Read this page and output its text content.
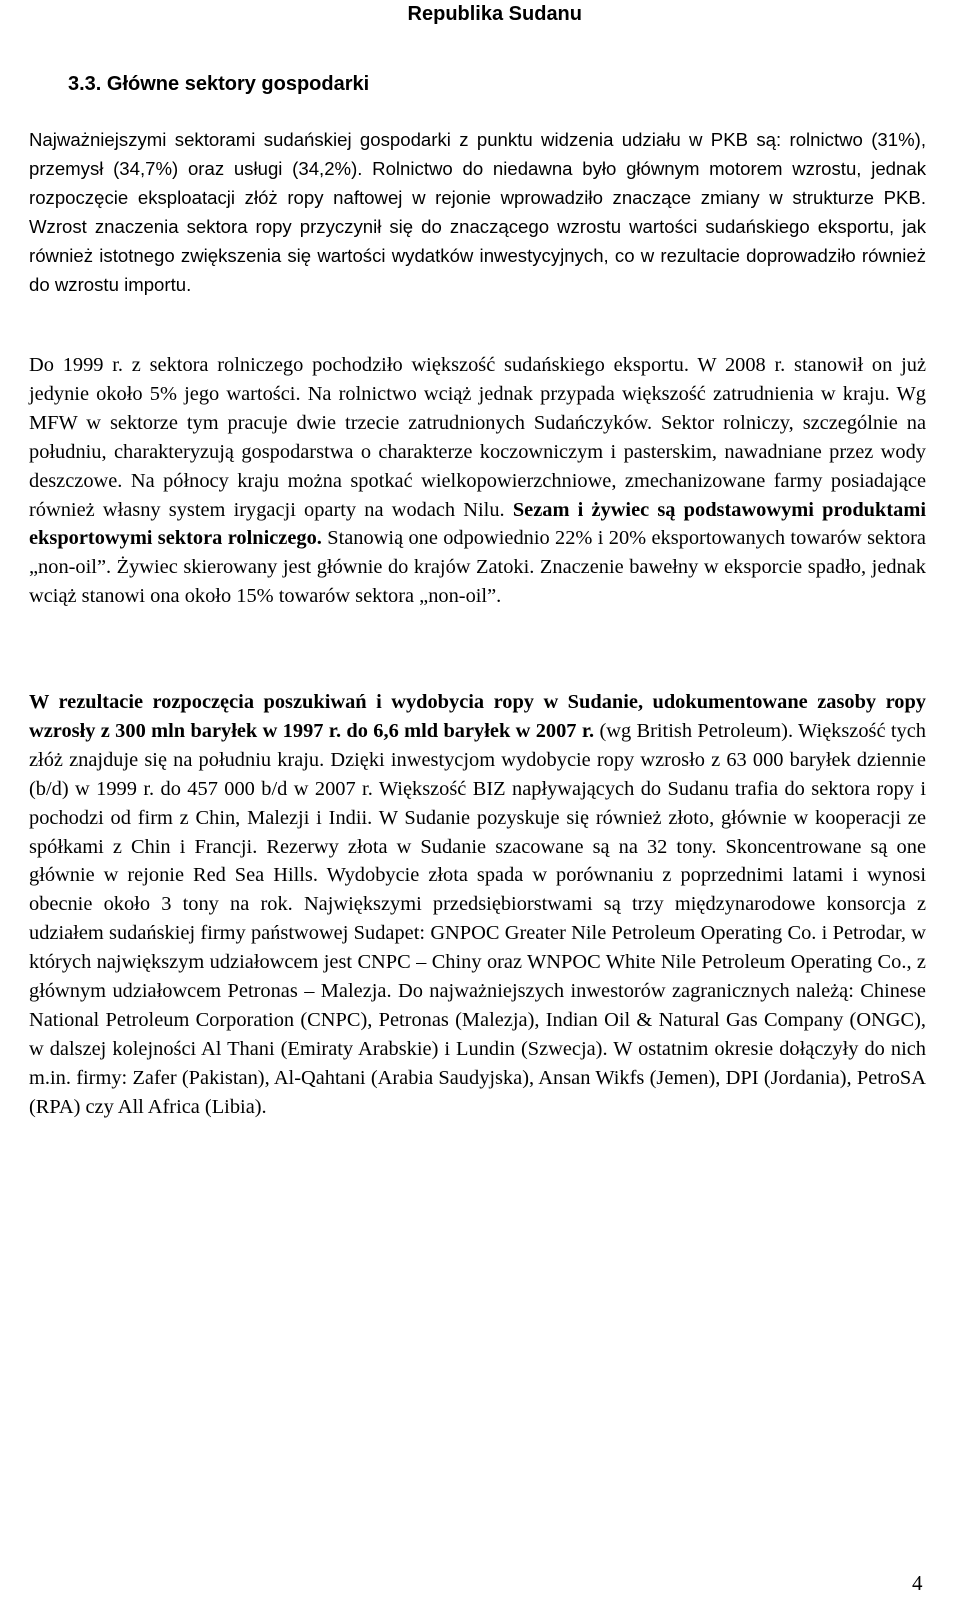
Republika Sudanu
3.3. Główne sektory gospodarki

Najważniejszymi sektorami sudańskiej gospodarki z punktu widzenia udziału w PKB są: rolnictwo (31%), przemysł (34,7%) oraz usługi (34,2%). Rolnictwo do niedawna było głównym motorem wzrostu, jednak rozpoczęcie eksploatacji złóż ropy naftowej w rejonie wprowadziło znaczące zmiany w strukturze PKB. Wzrost znaczenia sektora ropy przyczynił się do znaczącego wzrostu wartości sudańskiego eksportu, jak również istotnego zwiększenia się wartości wydatków inwestycyjnych, co w rezultacie doprowadziło również do wzrostu importu.

Do 1999 r. z sektora rolniczego pochodziło większość sudańskiego eksportu. W 2008 r. stanowił on już jedynie około 5% jego wartości. Na rolnictwo wciąż jednak przypada większość zatrudnienia w kraju. Wg MFW w sektorze tym pracuje dwie trzecie zatrudnionych Sudańczyków. Sektor rolniczy, szczególnie na południu, charakteryzują gospodarstwa o charakterze koczowniczym i pasterskim, nawadniane przez wody deszczowe. Na północy kraju można spotkać wielkopowierzchniowe, zmechanizowane farmy posiadające również własny system irygacji oparty na wodach Nilu. Sezam i żywiec są podstawowymi produktami eksportowymi sektora rolniczego. Stanowią one odpowiednio 22% i 20% eksportowanych towarów sektora „non-oil”. Żywiec skierowany jest głównie do krajów Zatoki. Znaczenie bawełny w eksporcie spadło, jednak wciąż stanowi ona około 15% towarów sektora „non-oil”.

W rezultacie rozpoczęcia poszukiwań i wydobycia ropy w Sudanie, udokumentowane zasoby ropy wzrosły z 300 mln baryłek w 1997 r. do 6,6 mld baryłek w 2007 r. (wg British Petroleum). Większość tych złóż znajduje się na południu kraju. Dzięki inwestycjom wydobycie ropy wzrosło z 63 000 baryłek dziennie (b/d) w 1999 r. do 457 000 b/d w 2007 r. Większość BIZ napływających do Sudanu trafia do sektora ropy i pochodzi od firm z Chin, Malezji i Indii. W Sudanie pozyskuje się również złoto, głównie w kooperacji ze spółkami z Chin i Francji. Rezerwy złota w Sudanie szacowane są na 32 tony. Skoncentrowane są one głównie w rejonie Red Sea Hills. Wydobycie złota spada w porównaniu z poprzednimi latami i wynosi obecnie około 3 tony na rok. Największymi przedsiębiorstwami są trzy międzynarodowe konsorcja z udziałem sudańskiej firmy państwowej Sudapet: GNPOC Greater Nile Petroleum Operating Co. i Petrodar, w których największym udziałowcem jest CNPC – Chiny oraz WNPOC White Nile Petroleum Operating Co., z głównym udziałowcem Petronas – Malezja. Do najważniejszych inwestorów zagranicznych należą: Chinese National Petroleum Corporation (CNPC), Petronas (Malezja), Indian Oil & Natural Gas Company (ONGC), w dalszej kolejności Al Thani (Emiraty Arabskie) i Lundin (Szwecja). W ostatnim okresie dołączyły do nich m.in. firmy: Zafer (Pakistan), Al-Qahtani (Arabia Saudyjska), Ansan Wikfs (Jemen), DPI (Jordania), PetroSA (RPA) czy All Africa (Libia).

4
